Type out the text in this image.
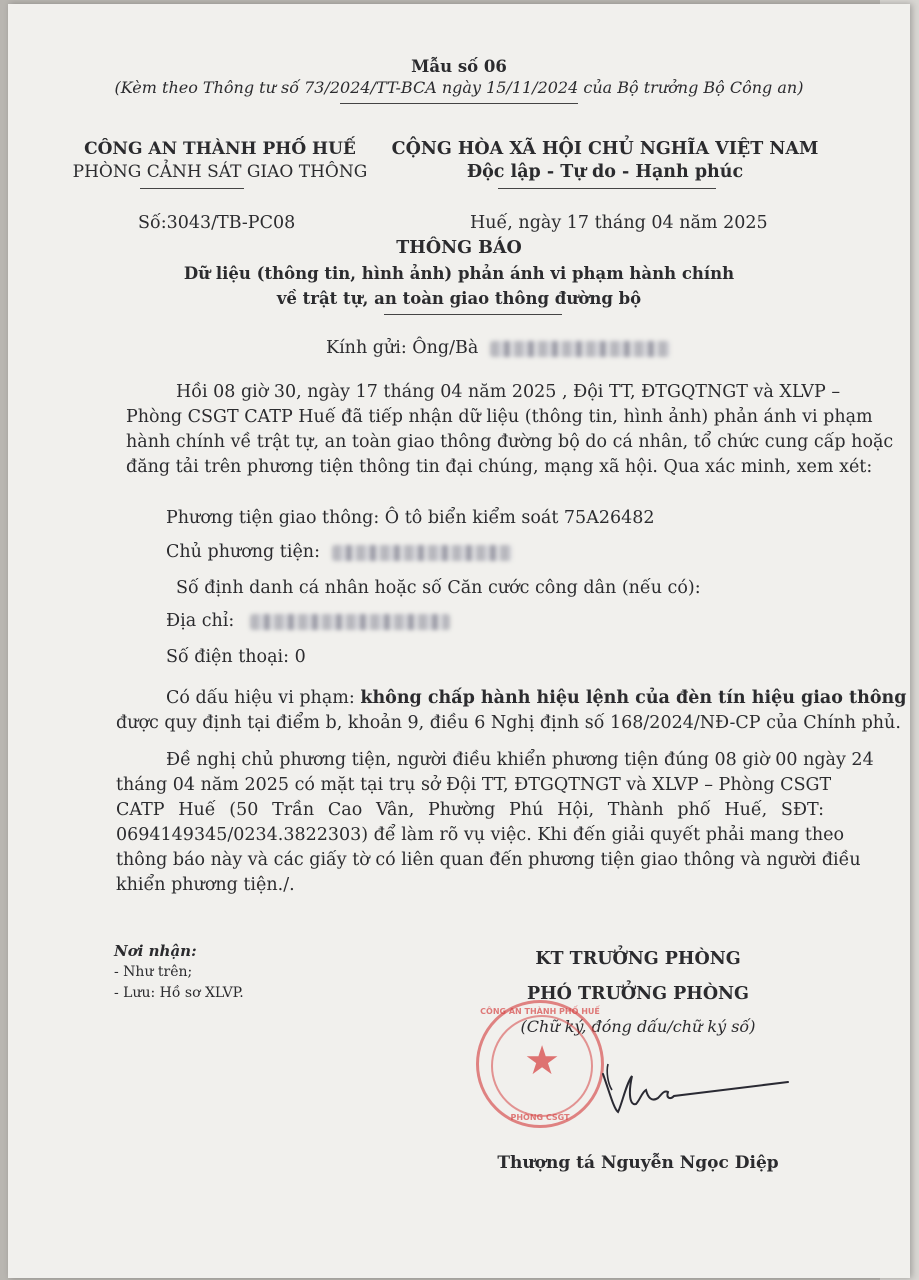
Mẫu số 06
(Kèm theo Thông tư số 73/2024/TT-BCA ngày 15/11/2024 của Bộ trưởng Bộ Công an)
CÔNG AN THÀNH PHỐ HUẾ
PHÒNG CẢNH SÁT GIAO THÔNG
Số:3043/TB-PC08
CỘNG HÒA XÃ HỘI CHỦ NGHĨA VIỆT NAM
Độc lập - Tự do - Hạnh phúc
Huế, ngày 17 tháng 04 năm 2025
THÔNG BÁO
Dữ liệu (thông tin, hình ảnh) phản ánh vi phạm hành chính
về trật tự, an toàn giao thông đường bộ
Kính gửi: Ông/Bà
Hồi 08 giờ 30, ngày 17 tháng 04 năm 2025 , Đội TT, ĐTGQTNGT và XLVP –
Phòng CSGT CATP Huế đã tiếp nhận dữ liệu (thông tin, hình ảnh) phản ánh vi phạm
hành chính về trật tự, an toàn giao thông đường bộ do cá nhân, tổ chức cung cấp hoặc
đăng tải trên phương tiện thông tin đại chúng, mạng xã hội. Qua xác minh, xem xét:
Phương tiện giao thông: Ô tô biển kiểm soát 75A26482
Chủ phương tiện:
Số định danh cá nhân hoặc số Căn cước công dân (nếu có):
Địa chỉ:
Số điện thoại: 0
Có dấu hiệu vi phạm: không chấp hành hiệu lệnh của đèn tín hiệu giao thông
được quy định tại điểm b, khoản 9, điều 6 Nghị định số 168/2024/NĐ-CP của Chính phủ.
Đề nghị chủ phương tiện, người điều khiển phương tiện đúng 08 giờ 00 ngày 24
tháng 04 năm 2025 có mặt tại trụ sở Đội TT, ĐTGQTNGT và XLVP – Phòng CSGT
CATP Huế (50 Trần Cao Vân, Phường Phú Hội, Thành phố Huế, SĐT:
0694149345/0234.3822303) để làm rõ vụ việc. Khi đến giải quyết phải mang theo
thông báo này và các giấy tờ có liên quan đến phương tiện giao thông và người điều
khiển phương tiện./.
Nơi nhận:
- Như trên;
- Lưu: Hồ sơ XLVP.
KT TRƯỞNG PHÒNG
PHÓ TRƯỞNG PHÒNG
(Chữ ký, đóng dấu/chữ ký số)
★
CÔNG AN THÀNH PHỐ HUẾ
PHÒNG CSGT
Thượng tá Nguyễn Ngọc Diệp
